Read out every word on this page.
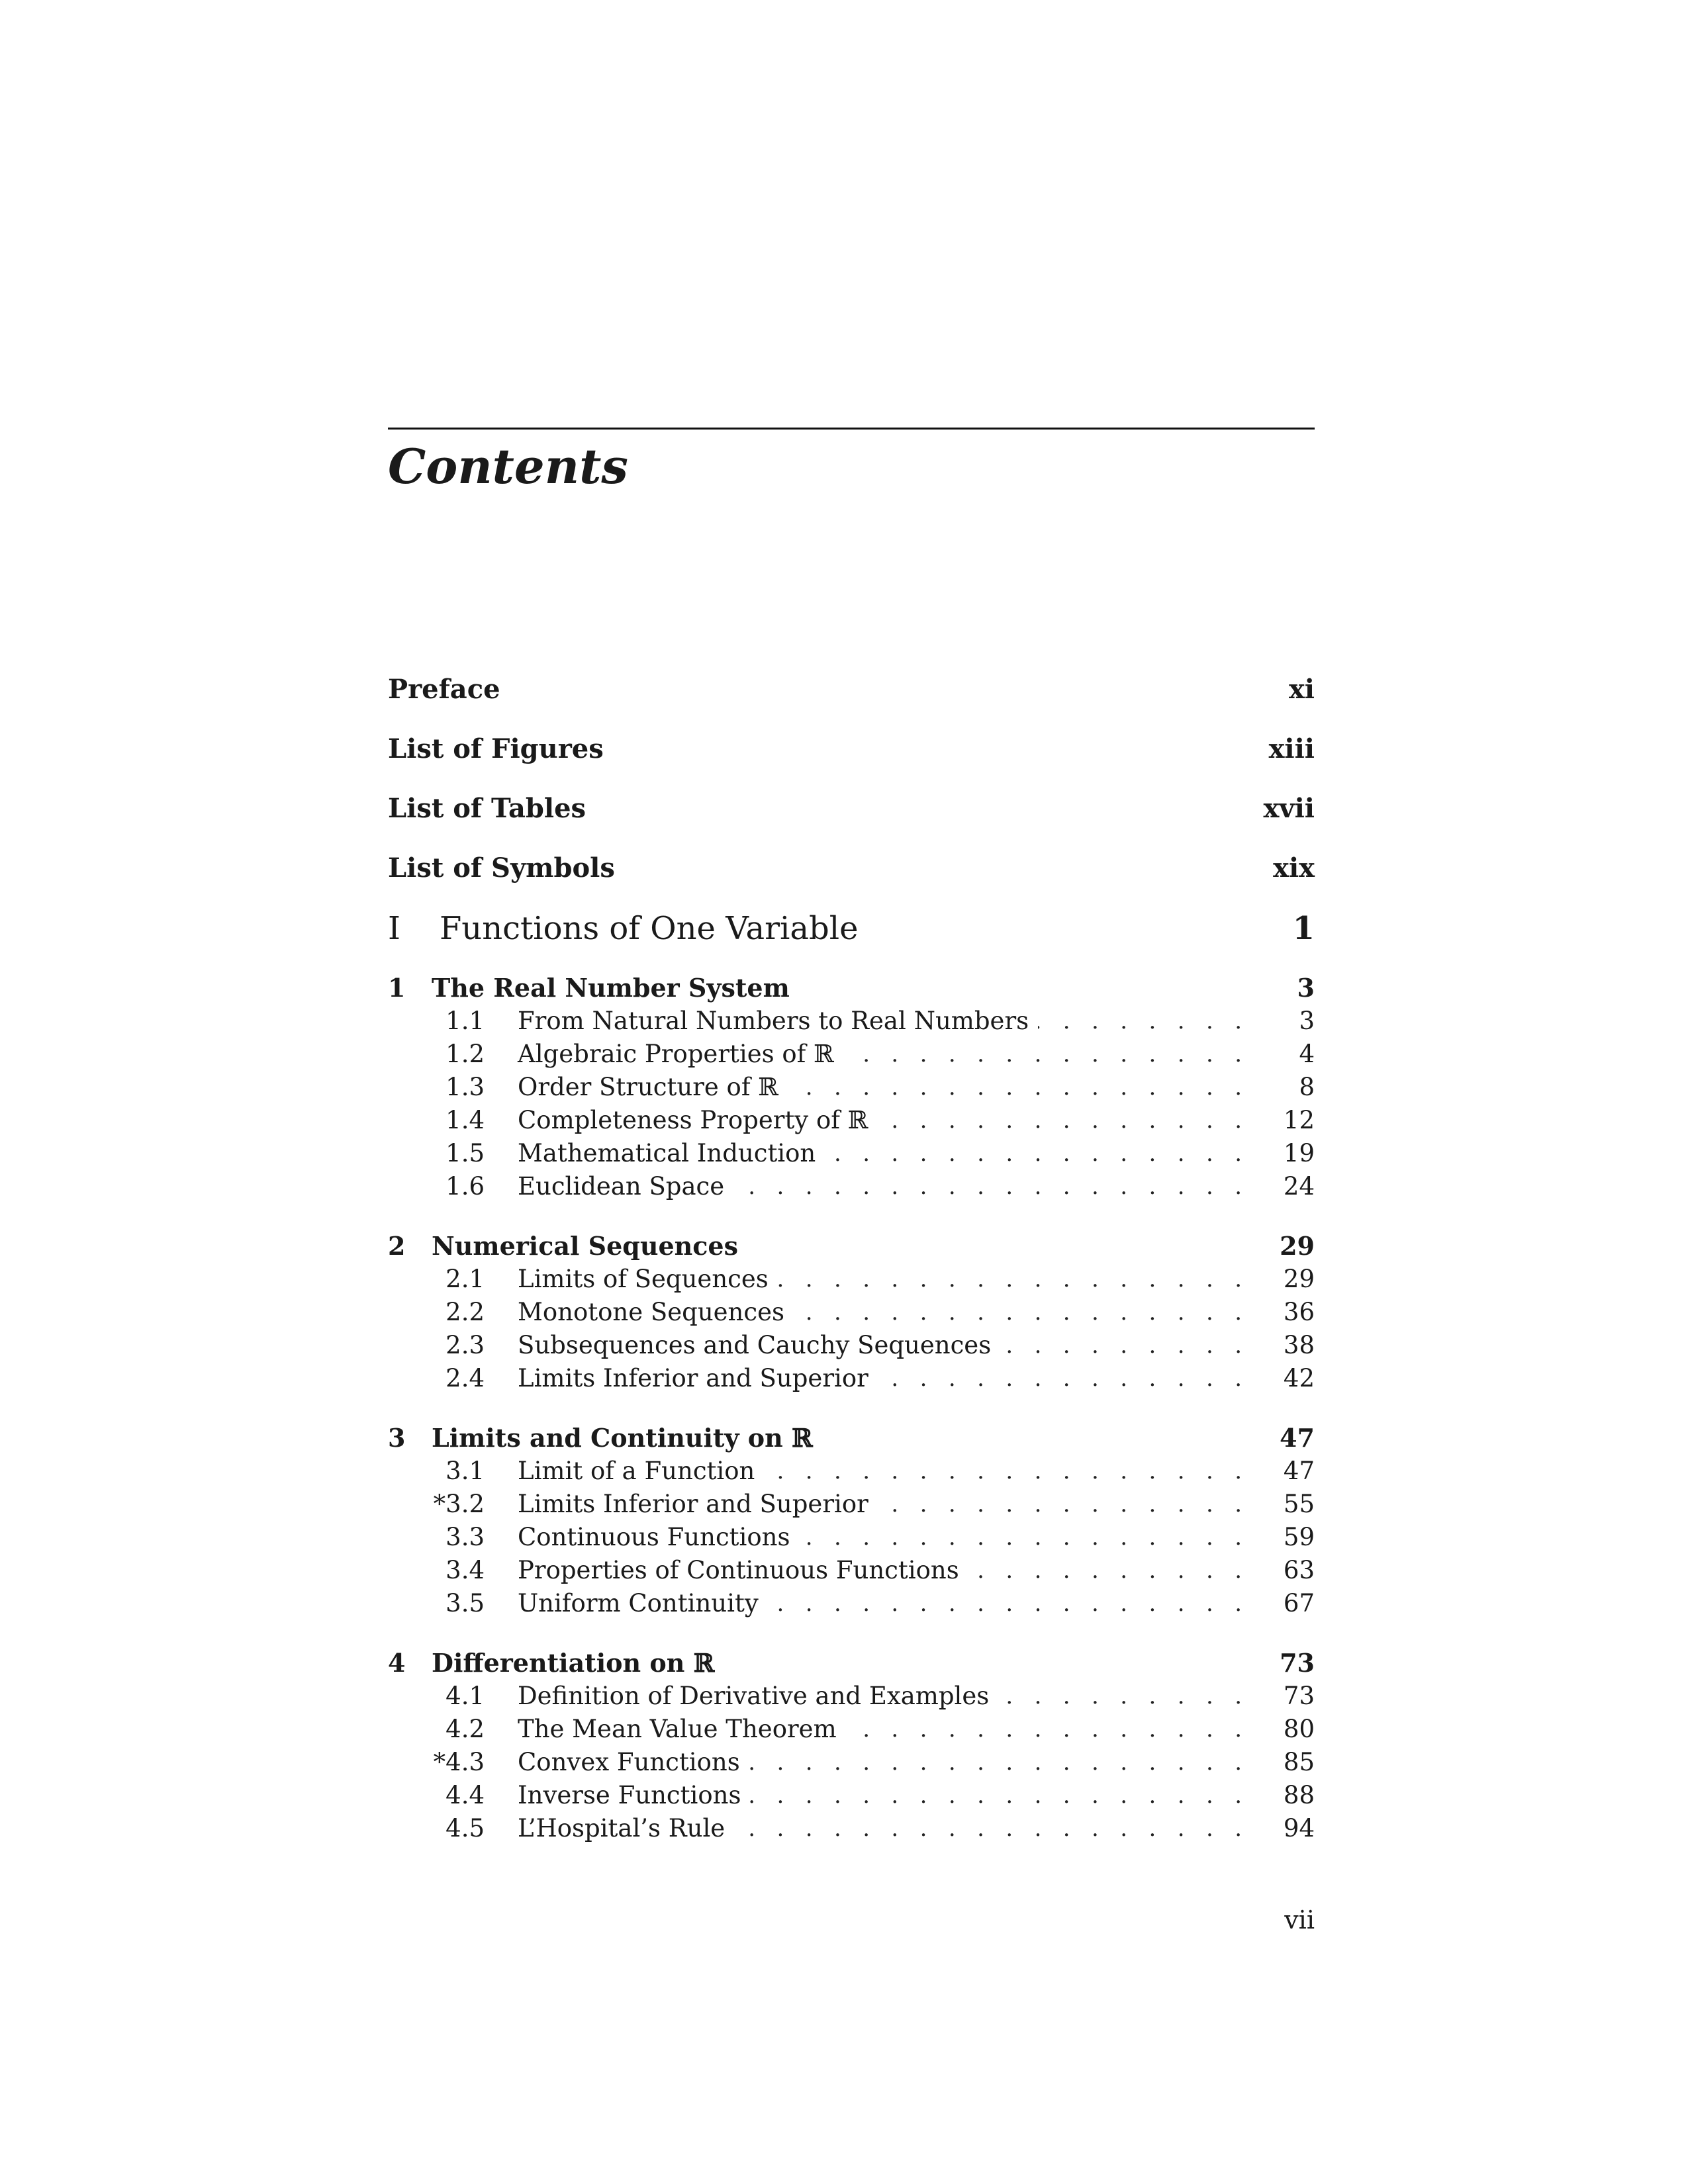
Contents
Preface	xi
List of Figures	xiii
List of Tables	xvii
List of Symbols	xix
I Functions of One Variable	1
1 The Real Number System	3
1.1 .   . From Natural Numbers to Real Numbers	3
1.2 .   . Algebraic Properties of ℝ	4
1.3 .   . Order Structure of ℝ	8
1.4 .   . Completeness Property of ℝ	12
1.5 .   . Mathematical Induction	19
1.6 .   . Euclidean Space	24
2 Numerical Sequences	29
2.1 .   . Limits of Sequences	29
2.2 .   . Monotone Sequences	36
2.3 .   . Subsequences and Cauchy Sequences	38
2.4 .   . Limits Inferior and Superior	42
3 Limits and Continuity on ℝ	47
3.1 .   . Limit of a Function	47
*3.2 .   . Limits Inferior and Superior	55
3.3 .   . Continuous Functions	59
3.4 .   . Properties of Continuous Functions	63
3.5 .   . Uniform Continuity	67
4 Differentiation on ℝ	73
4.1 .   . Definition of Derivative and Examples	73
4.2 .   . The Mean Value Theorem	80
*4.3 .   . Convex Functions	85
4.4 .   . Inverse Functions	88
4.5 .   . L’Hospital’s Rule	94
vii
